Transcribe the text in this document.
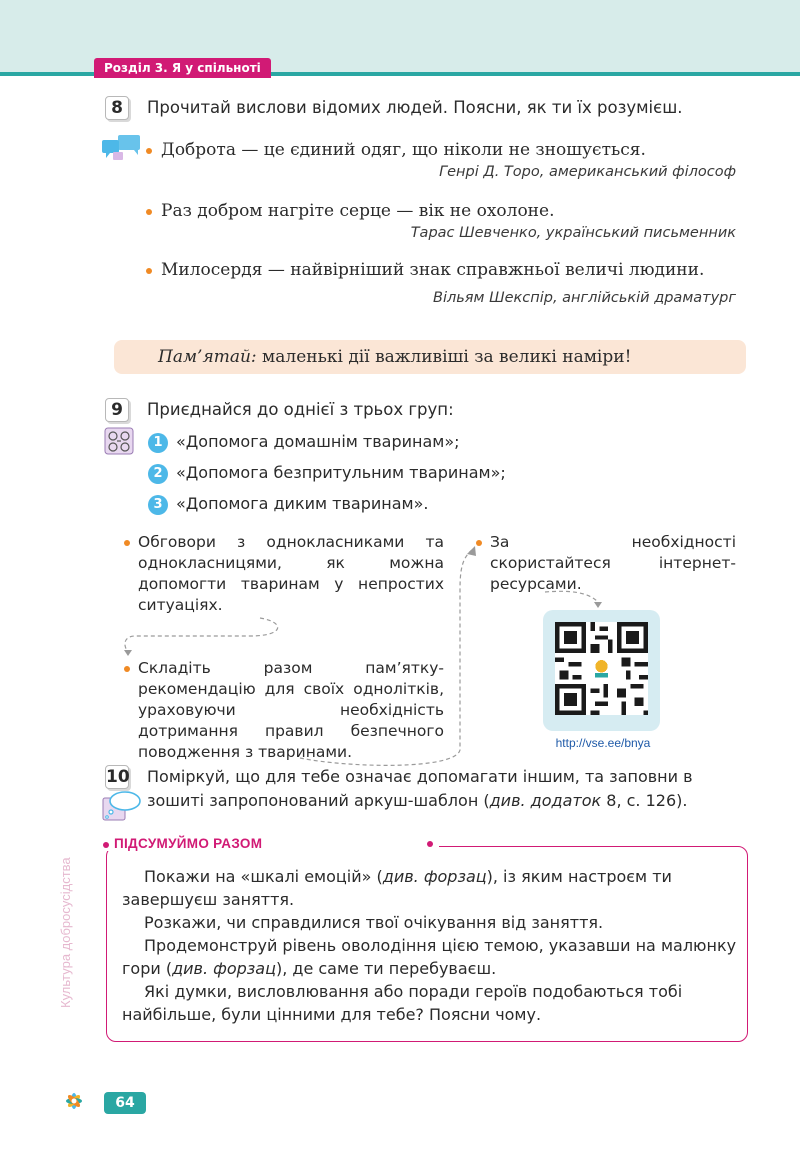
Розділ 3. Я у спільноті
8	Прочитай вислови відомих людей. Поясни, як ти їх розумієш.
Доброта — це єдиний одяг, що ніколи не зношується.
Генрі Д. Торо, американський філософ
Раз добром нагріте серце — вік не охолоне.
Тарас Шевченко, український письменник
Милосердя — найвірніший знак справжньої величі людини.
Вільям Шекспір, англійській драматург
Пам’ятай: маленькі дії важливіші за великі наміри!
9	Приєднайся до однієї з трьох груп:
1 «Допомога домашнім тваринам»;
2 «Допомога безпритульним тваринам»;
3 «Допомога диким тваринам».
Обговори з однокласниками та однокласницями, як можна допомогти тваринам у непростих ситуаціях.
Складіть разом пам’ятку-рекомендацію для своїх однолітків, ураховуючи необхідність дотримання правил безпечного поводження з тваринами.
За необхідності скористайтеся інтернет-ресурсами.
http://vse.ee/bnya
10 Поміркуй, що для тебе означає допомагати іншим, та заповни в зошиті запропонований аркуш-шаблон (див. додаток 8, с. 126).
ПІДСУМУЙМО РАЗОМ
Покажи на «шкалі емоцій» (див. форзац), із яким настроєм ти завершуєш заняття.
Розкажи, чи справдилися твої очікування від заняття.
Продемонструй рівень оволодіння цією темою, указавши на малюнку гори (див. форзац), де саме ти перебуваєш.
Які думки, висловлювання або поради героїв подобаються тобі найбільше, були цінними для тебе? Поясни чому.
Культура добросусідства
64
